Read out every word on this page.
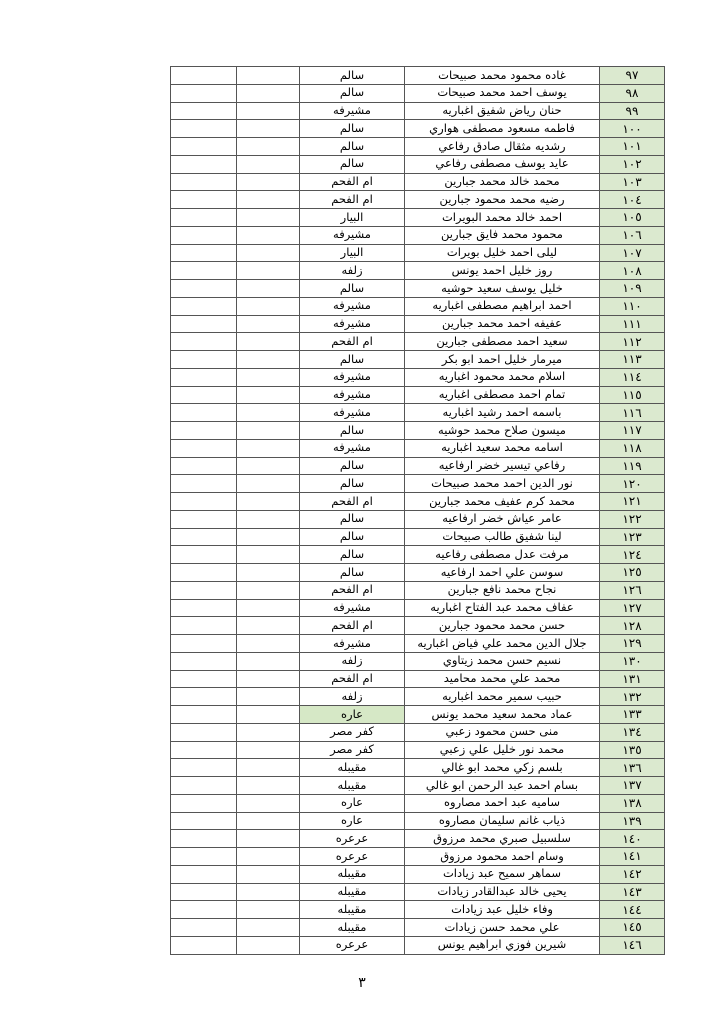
		سالم	غاده محمود محمد صبيحات	٩٧
		سالم	يوسف احمد محمد صبيحات	٩٨
		مشيرفه	حنان رياض شفيق اغباريه	٩٩
		سالم	فاطمه مسعود مصطفى هواري	١٠٠
		سالم	رشديه مثقال صادق رفاعي	١٠١
		سالم	عايد يوسف مصطفى رفاعي	١٠٢
		ام الفحم	محمد خالد محمد جبارين	١٠٣
		ام الفحم	رضيه محمد محمود جبارين	١٠٤
		البيار	احمد خالد محمد البويرات	١٠٥
		مشيرفه	محمود محمد فايق جبارين	١٠٦
		البيار	ليلى احمد خليل بويرات	١٠٧
		زلفه	روز خليل احمد يونس	١٠٨
		سالم	خليل يوسف سعيد حوشيه	١٠٩
		مشيرفه	احمد ابراهيم مصطفى اغباريه	١١٠
		مشيرفه	عفيفه احمد محمد جبارين	١١١
		ام الفحم	سعيد احمد مصطفى جبارين	١١٢
		سالم	ميرمار خليل احمد ابو بكر	١١٣
		مشيرفه	اسلام محمد محمود اغباريه	١١٤
		مشيرفه	تمام احمد مصطفى اغباريه	١١٥
		مشيرفه	باسمه احمد رشيد اغباريه	١١٦
		سالم	ميسون صلاح محمد حوشيه	١١٧
		مشيرفه	اسامه محمد سعيد اغباريه	١١٨
		سالم	رفاعي تيسير خضر ارفاعيه	١١٩
		سالم	نور الدين احمد محمد صبيحات	١٢٠
		ام الفحم	محمد كرم عفيف محمد جبارين	١٢١
		سالم	عامر عياش خضر ارفاعيه	١٢٢
		سالم	لينا شفيق طالب صبيحات	١٢٣
		سالم	مرفت عدل مصطفى رفاعيه	١٢٤
		سالم	سوسن علي احمد ارفاعيه	١٢٥
		ام الفحم	نجاح محمد نافع جبارين	١٢٦
		مشيرفه	عفاف محمد عبد الفتاح اغباريه	١٢٧
		ام الفحم	حسن محمد محمود جبارين	١٢٨
		مشيرفه	جلال الدين محمد علي فياض اغباريه	١٢٩
		زلفه	نسيم حسن محمد زيتاوي	١٣٠
		ام الفحم	محمد علي محمد محاميد	١٣١
		زلفه	حبيب سمير محمد اغباريه	١٣٢
		عاره	عماد محمد سعيد محمد يونس	١٣٣
		كفر مصر	منى حسن محمود زعبي	١٣٤
		كفر مصر	محمد نور خليل علي زعبي	١٣٥
		مقيبله	بلسم زكي محمد ابو غالي	١٣٦
		مقيبله	بسام احمد عبد الرحمن ابو غالي	١٣٧
		عاره	ساميه عبد احمد مصاروه	١٣٨
		عاره	ذياب غانم سليمان مصاروه	١٣٩
		عرعره	سلسبيل صبري محمد مرزوق	١٤٠
		عرعره	وسام احمد محمود مرزوق	١٤١
		مقيبله	سماهر سميح عبد زيادات	١٤٢
		مقيبله	يحيى خالد عبدالقادر زيادات	١٤٣
		مقيبله	وفاء خليل عبد زيادات	١٤٤
		مقيبله	علي محمد حسن زيادات	١٤٥
		عرعره	شيرين فوزي ابراهيم يونس	١٤٦
٣
